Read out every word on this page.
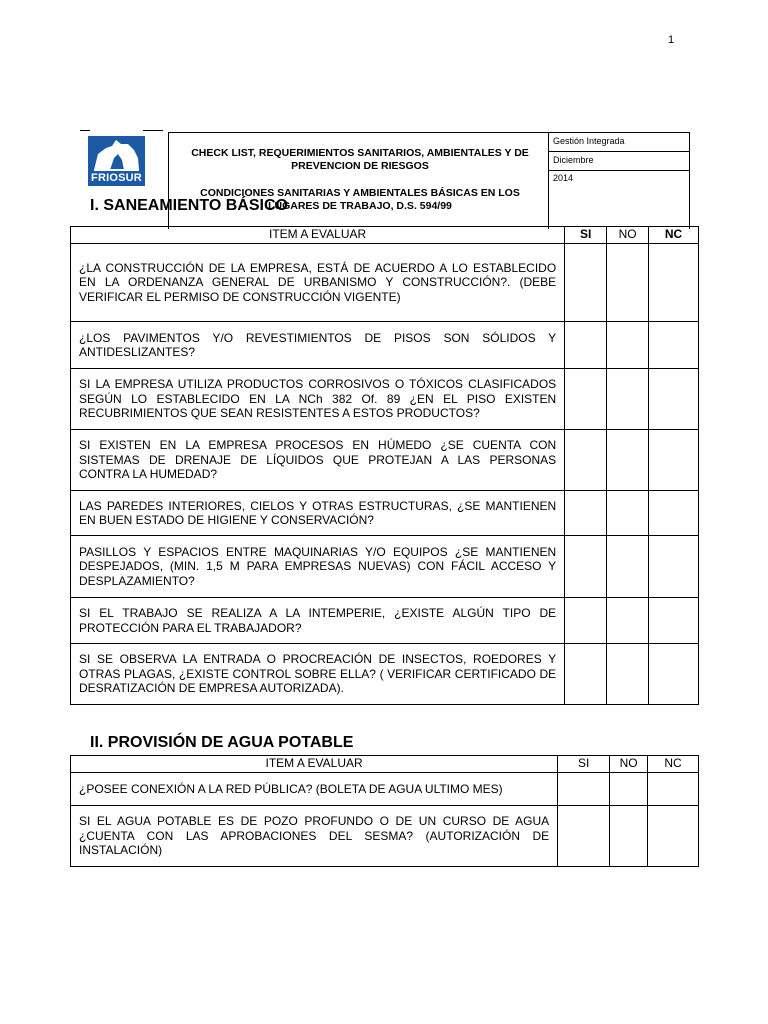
1
FRIOSUR
CHECK LIST, REQUERIMIENTOS SANITARIOS, AMBIENTALES Y DE PREVENCION DE RIESGOS
CONDICIONES SANITARIAS Y AMBIENTALES BÁSICAS EN LOS LUGARES DE TRABAJO, D.S. 594/99
Gestión Integrada
Diciembre
2014
I. SANEAMIENTO BÁSICO
ITEM A EVALUAR	SI	NO	NC
¿LA CONSTRUCCIÓN DE LA EMPRESA, ESTÁ DE ACUERDO A LO ESTABLECIDO EN LA ORDENANZA GENERAL DE URBANISMO Y CONSTRUCCIÓN?. (DEBE VERIFICAR EL PERMISO DE CONSTRUCCIÓN VIGENTE)			
¿LOS PAVIMENTOS Y/O REVESTIMIENTOS DE PISOS SON SÓLIDOS Y ANTIDESLIZANTES?			
SI LA EMPRESA UTILIZA PRODUCTOS CORROSIVOS O TÓXICOS CLASIFICADOS SEGÚN LO ESTABLECIDO EN LA NCh 382 Of. 89 ¿EN EL PISO EXISTEN RECUBRIMIENTOS QUE SEAN RESISTENTES A ESTOS PRODUCTOS?			
SI EXISTEN EN LA EMPRESA PROCESOS EN HÚMEDO ¿SE CUENTA CON SISTEMAS DE DRENAJE DE LÍQUIDOS QUE PROTEJAN A LAS PERSONAS CONTRA LA HUMEDAD?			
LAS PAREDES INTERIORES, CIELOS Y OTRAS ESTRUCTURAS, ¿SE MANTIENEN EN BUEN ESTADO DE HIGIENE Y CONSERVACIÓN?			
PASILLOS Y ESPACIOS ENTRE MAQUINARIAS Y/O EQUIPOS ¿SE MANTIENEN DESPEJADOS, (MIN. 1,5 M PARA EMPRESAS NUEVAS) CON FÁCIL ACCESO Y DESPLAZAMIENTO?			
SI EL TRABAJO SE REALIZA A LA INTEMPERIE, ¿EXISTE ALGÚN TIPO DE PROTECCIÓN PARA EL TRABAJADOR?			
SI SE OBSERVA LA ENTRADA O PROCREACIÓN DE INSECTOS, ROEDORES Y OTRAS PLAGAS, ¿EXISTE CONTROL SOBRE ELLA? ( VERIFICAR CERTIFICADO DE DESRATIZACIÓN DE EMPRESA AUTORIZADA).			
II. PROVISIÓN DE AGUA POTABLE
ITEM A EVALUAR	SI	NO	NC
¿POSEE CONEXIÓN A LA RED PÚBLICA? (BOLETA DE AGUA ULTIMO MES)			
SI EL AGUA POTABLE ES DE POZO PROFUNDO O DE UN CURSO DE AGUA ¿CUENTA CON LAS APROBACIONES DEL SESMA? (AUTORIZACIÓN DE INSTALACIÓN)			
